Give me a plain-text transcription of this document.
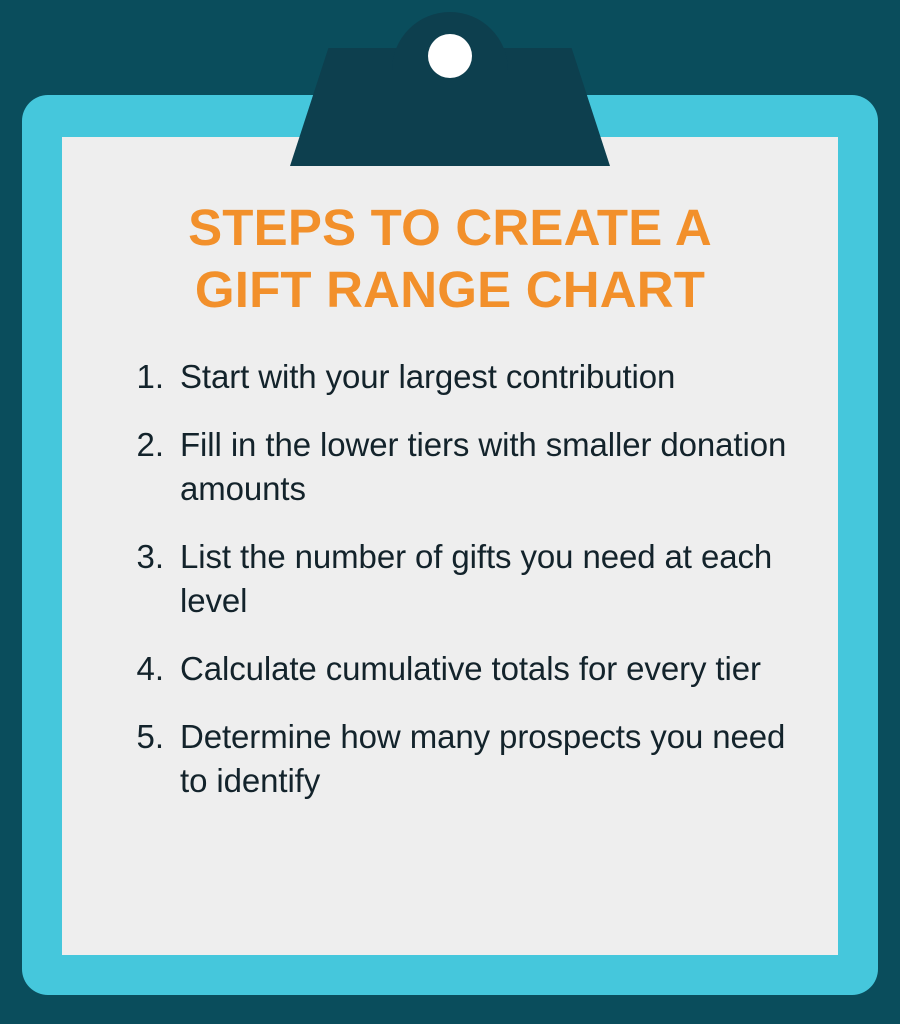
STEPS TO CREATE A
GIFT RANGE CHART
1. Start with your largest contribution
2. Fill in the lower tiers with smaller donation amounts
3. List the number of gifts you need at each level
4. Calculate cumulative totals for every tier
5. Determine how many prospects you need to identify
